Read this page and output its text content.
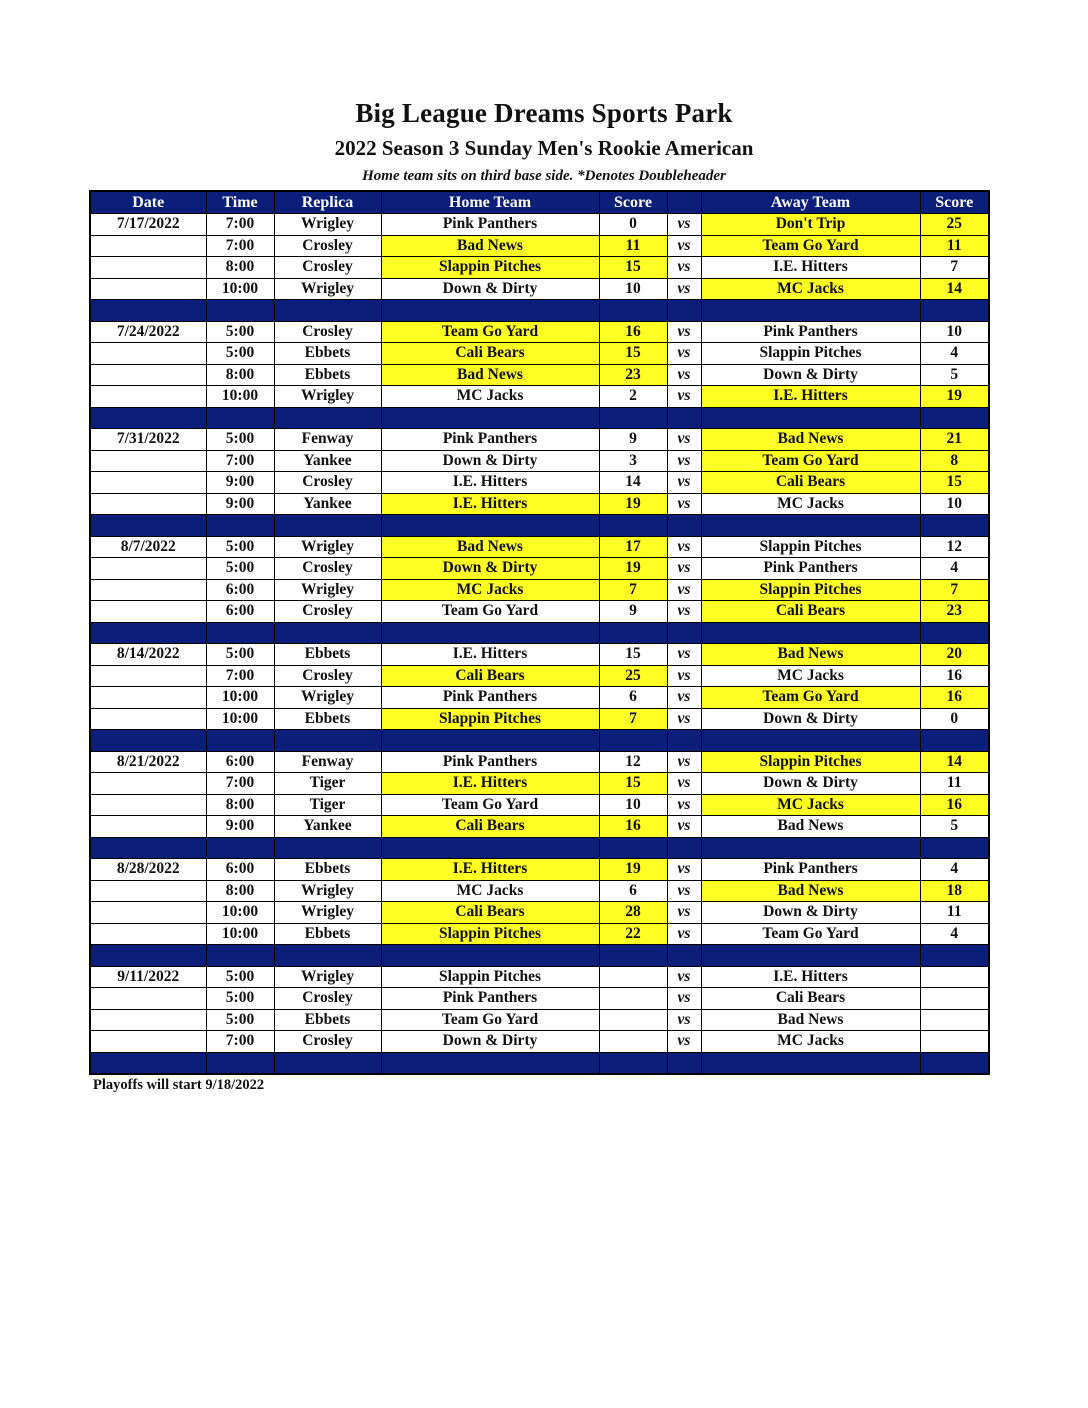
Big League Dreams Sports Park
2022 Season 3 Sunday Men's Rookie American
Home team sits on third base side. *Denotes Doubleheader
Date	Time	Replica	Home Team	Score		Away Team	Score
7/17/2022	7:00	Wrigley	Pink Panthers	0	vs	Don't Trip	25
	7:00	Crosley	Bad News	11	vs	Team Go Yard	11
	8:00	Crosley	Slappin Pitches	15	vs	I.E. Hitters	7
	10:00	Wrigley	Down & Dirty	10	vs	MC Jacks	14

7/24/2022	5:00	Crosley	Team Go Yard	16	vs	Pink Panthers	10
	5:00	Ebbets	Cali Bears	15	vs	Slappin Pitches	4
	8:00	Ebbets	Bad News	23	vs	Down & Dirty	5
	10:00	Wrigley	MC Jacks	2	vs	I.E. Hitters	19

7/31/2022	5:00	Fenway	Pink Panthers	9	vs	Bad News	21
	7:00	Yankee	Down & Dirty	3	vs	Team Go Yard	8
	9:00	Crosley	I.E. Hitters	14	vs	Cali Bears	15
	9:00	Yankee	I.E. Hitters	19	vs	MC Jacks	10

8/7/2022	5:00	Wrigley	Bad News	17	vs	Slappin Pitches	12
	5:00	Crosley	Down & Dirty	19	vs	Pink Panthers	4
	6:00	Wrigley	MC Jacks	7	vs	Slappin Pitches	7
	6:00	Crosley	Team Go Yard	9	vs	Cali Bears	23

8/14/2022	5:00	Ebbets	I.E. Hitters	15	vs	Bad News	20
	7:00	Crosley	Cali Bears	25	vs	MC Jacks	16
	10:00	Wrigley	Pink Panthers	6	vs	Team Go Yard	16
	10:00	Ebbets	Slappin Pitches	7	vs	Down & Dirty	0

8/21/2022	6:00	Fenway	Pink Panthers	12	vs	Slappin Pitches	14
	7:00	Tiger	I.E. Hitters	15	vs	Down & Dirty	11
	8:00	Tiger	Team Go Yard	10	vs	MC Jacks	16
	9:00	Yankee	Cali Bears	16	vs	Bad News	5

8/28/2022	6:00	Ebbets	I.E. Hitters	19	vs	Pink Panthers	4
	8:00	Wrigley	MC Jacks	6	vs	Bad News	18
	10:00	Wrigley	Cali Bears	28	vs	Down & Dirty	11
	10:00	Ebbets	Slappin Pitches	22	vs	Team Go Yard	4

9/11/2022	5:00	Wrigley	Slappin Pitches		vs	I.E. Hitters	
	5:00	Crosley	Pink Panthers		vs	Cali Bears	
	5:00	Ebbets	Team Go Yard		vs	Bad News	
	7:00	Crosley	Down & Dirty		vs	MC Jacks	

Playoffs will start 9/18/2022
